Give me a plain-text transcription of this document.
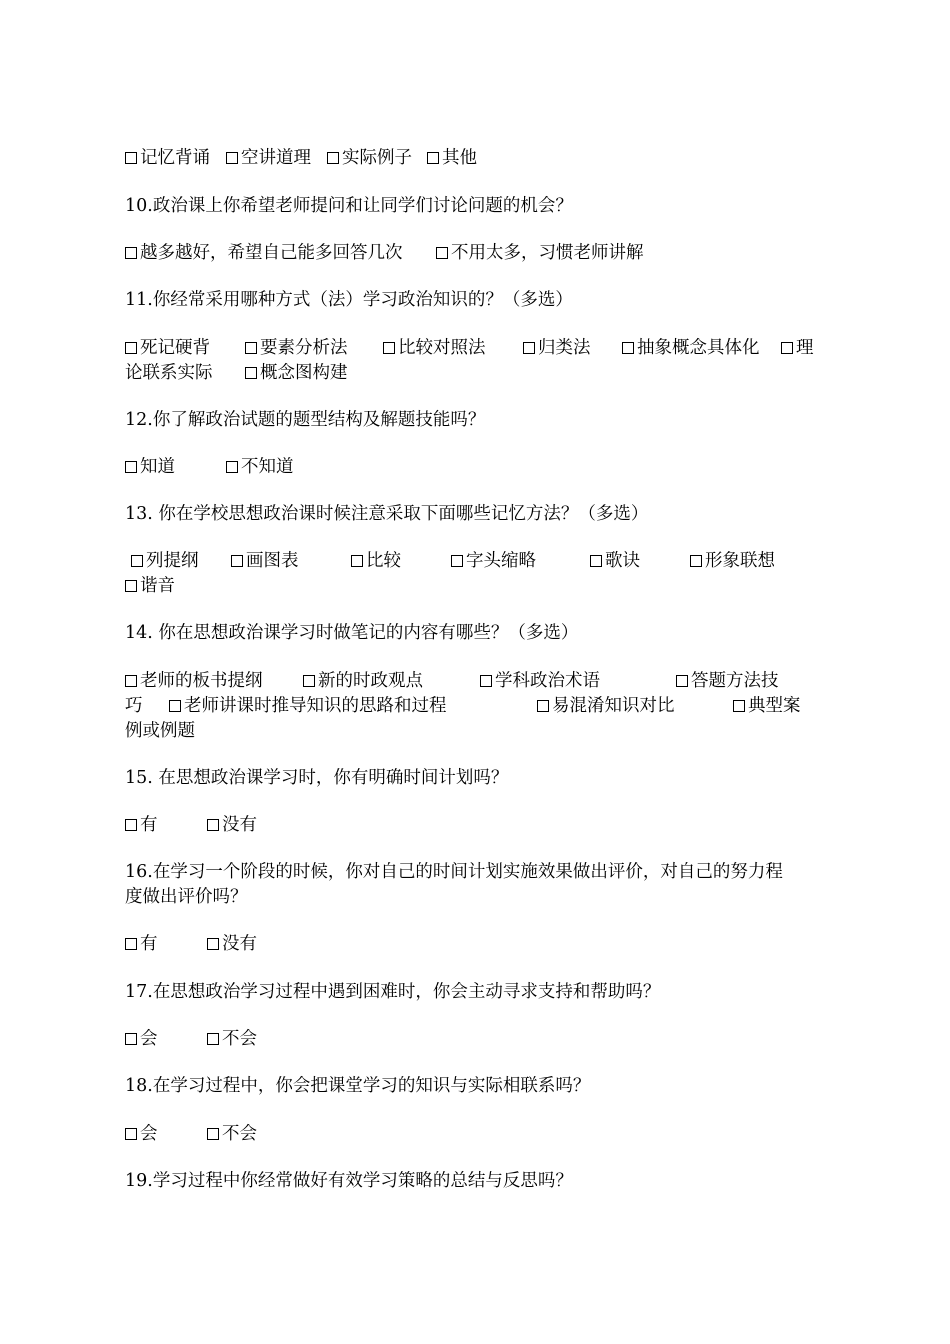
记忆背诵	空讲道理	实际例子	其他
10.政治课上你希望老师提问和让同学们讨论问题的机会？
越多越好，希望自己能多回答几次	不用太多，习惯老师讲解
11.你经常采用哪种方式（法）学习政治知识的？（多选）
死记硬背	要素分析法	比较对照法	归类法	抽象概念具体化	理
论联系实际	概念图构建
12.你了解政治试题的题型结构及解题技能吗？
知道	不知道
13. 你在学校思想政治课时候注意采取下面哪些记忆方法？（多选）
列提纲	画图表	比较	字头缩略	歌诀	形象联想
谐音
14. 你在思想政治课学习时做笔记的内容有哪些？（多选）
老师的板书提纲	新的时政观点	学科政治术语	答题方法技
巧	老师讲课时推导知识的思路和过程	易混淆知识对比	典型案
例或例题
15. 在思想政治课学习时，你有明确时间计划吗？
有	没有
16.在学习一个阶段的时候，你对自己的时间计划实施效果做出评价，对自己的努力程
度做出评价吗？
有	没有
17.在思想政治学习过程中遇到困难时，你会主动寻求支持和帮助吗？
会	不会
18.在学习过程中，你会把课堂学习的知识与实际相联系吗？
会	不会
19.学习过程中你经常做好有效学习策略的总结与反思吗？
